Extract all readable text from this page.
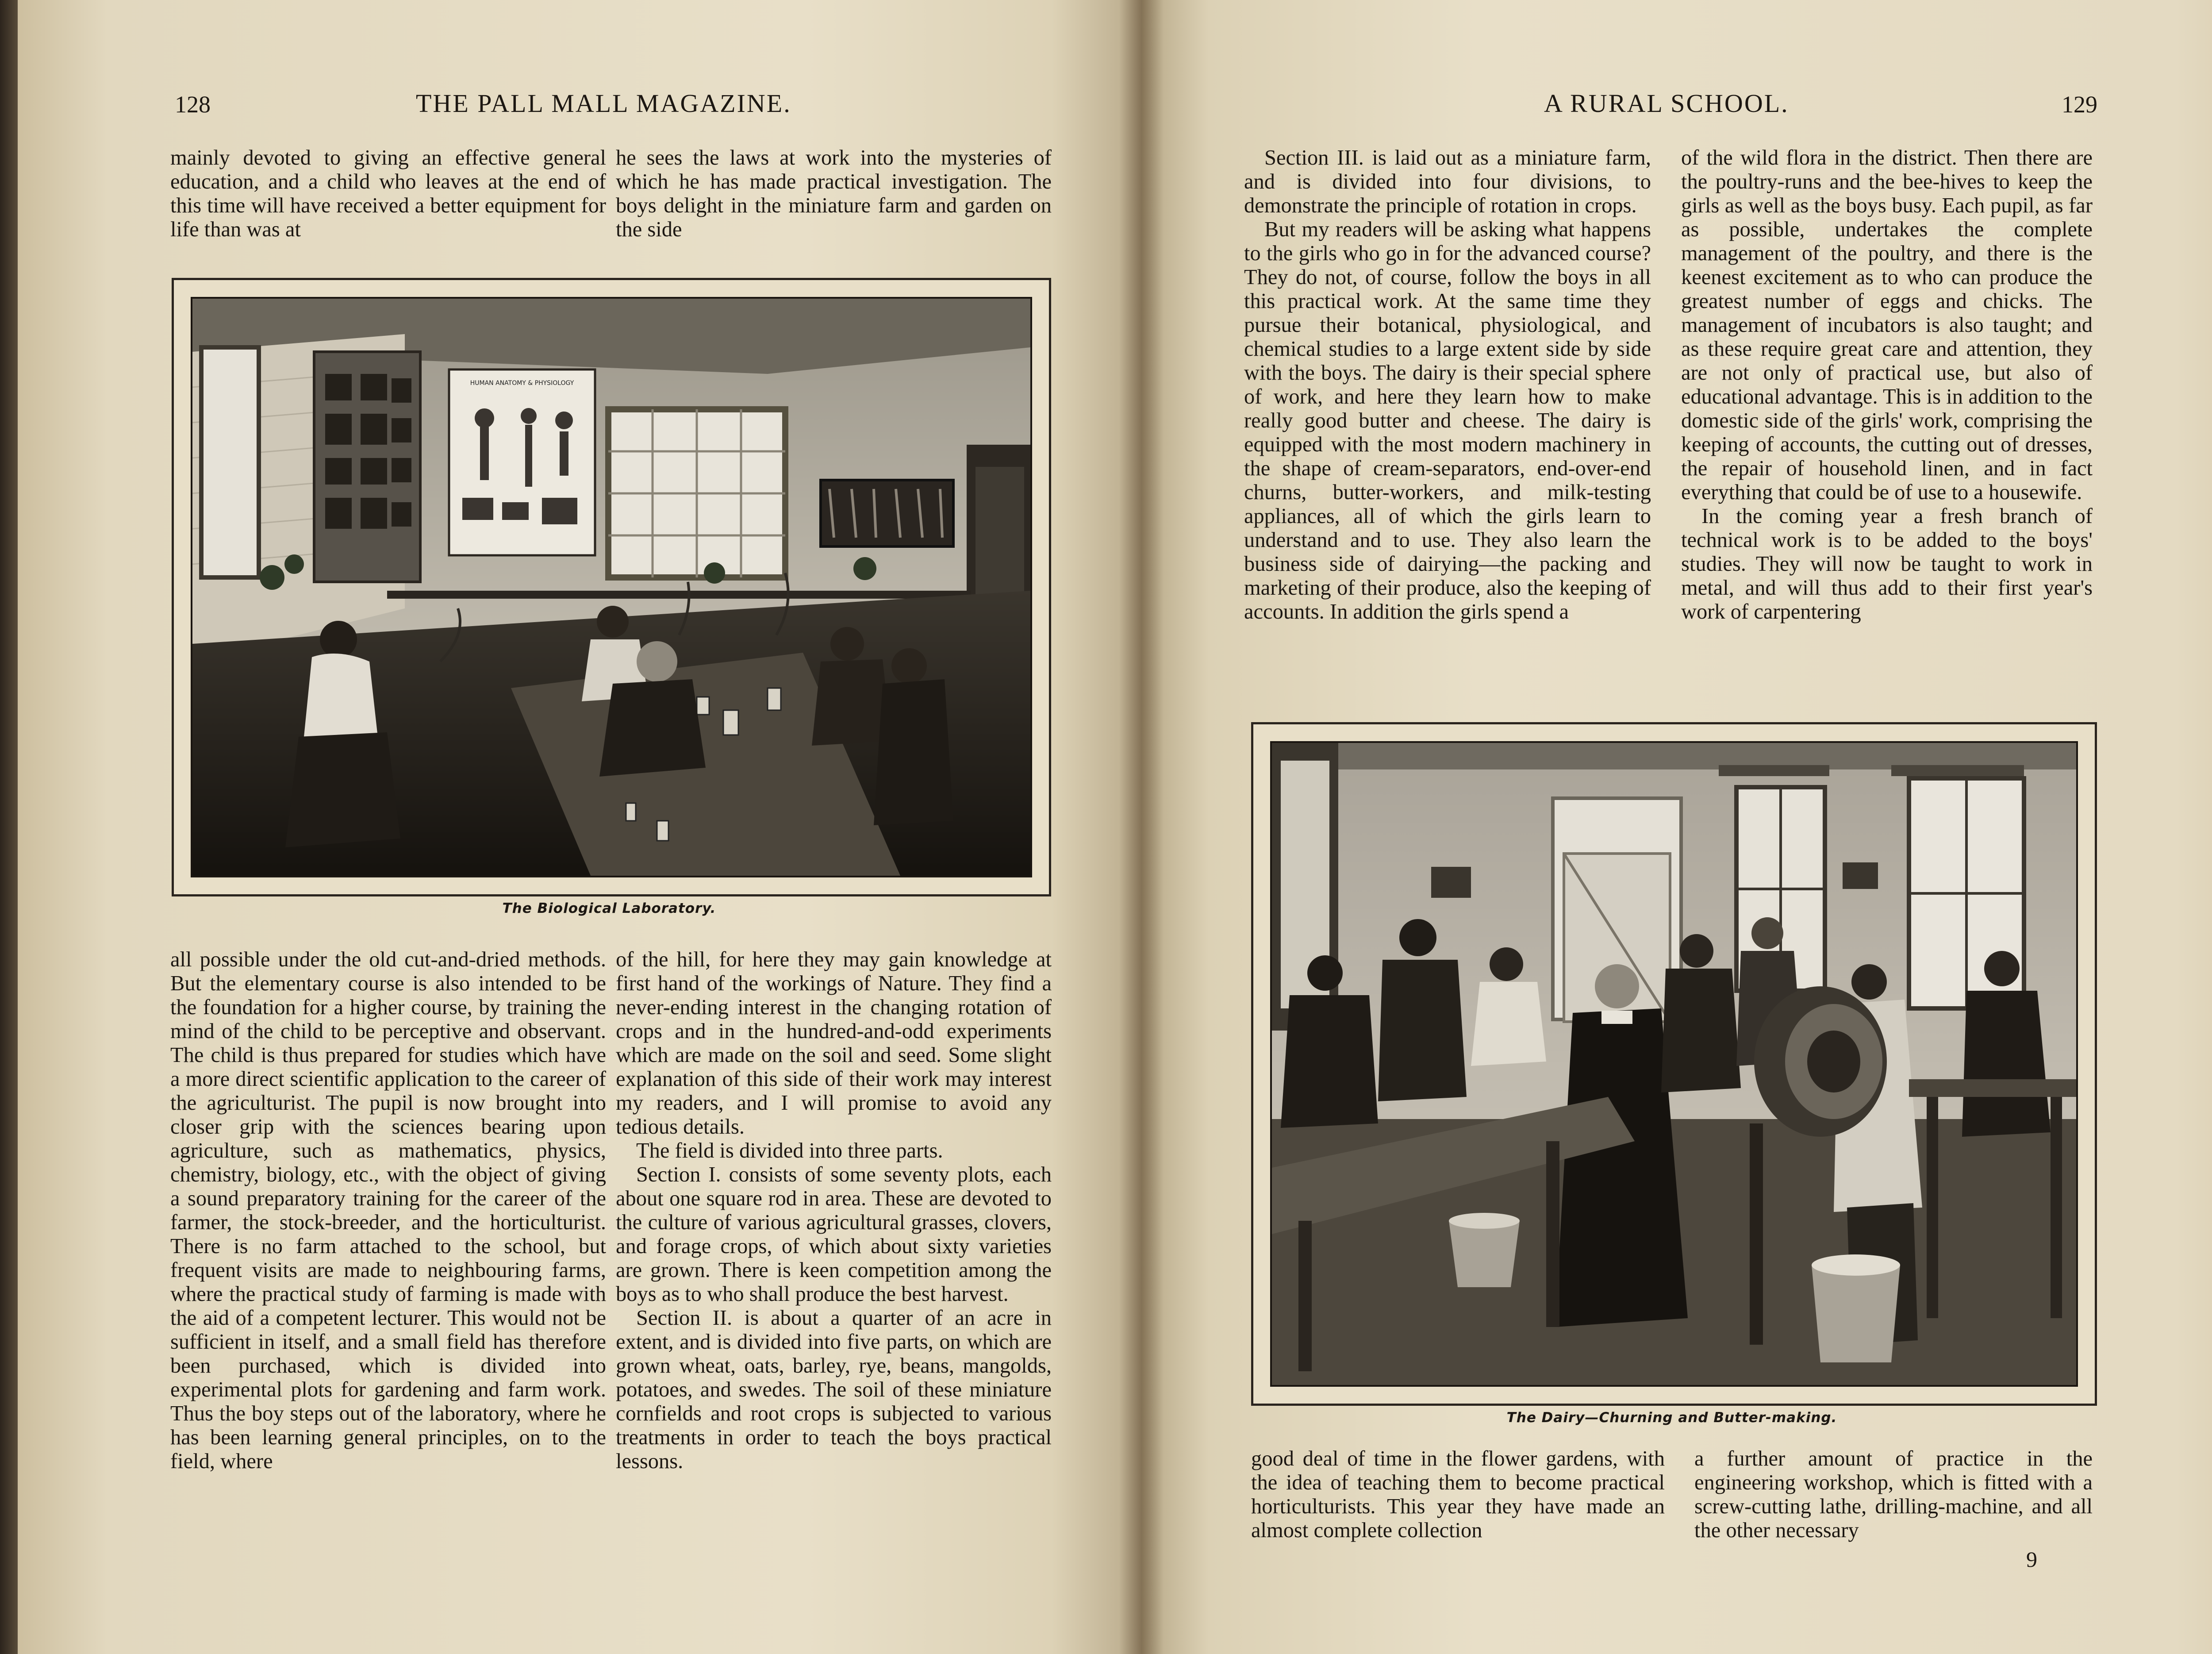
128	THE PALL MALL MAGAZINE.

mainly devoted to giving an effective general education, and a child who leaves at the end of this time will have received a better equipment for life than was at

he sees the laws at work into the mysteries of which he has made practical investigation. The boys delight in the miniature farm and garden on the side

HUMAN ANATOMY & PHYSIOLOGY
The Biological Laboratory.

all possible under the old cut-and-dried methods. But the elementary course is also intended to be the foundation for a higher course, by training the mind of the child to be perceptive and observant. The child is thus prepared for studies which have a more direct scientific application to the career of the agriculturist. The pupil is now brought into closer grip with the sciences bearing upon agriculture, such as mathematics, physics, chemistry, biology, etc., with the object of giving a sound preparatory training for the career of the farmer, the stock-breeder, and the horticulturist. There is no farm attached to the school, but frequent visits are made to neighbouring farms, where the practical study of farming is made with the aid of a competent lecturer. This would not be sufficient in itself, and a small field has therefore been purchased, which is divided into experimental plots for gardening and farm work. Thus the boy steps out of the laboratory, where he has been learning general principles, on to the field, where

of the hill, for here they may gain knowledge at first hand of the workings of Nature. They find a never-ending interest in the changing rotation of crops and in the hundred-and-odd experiments which are made on the soil and seed. Some slight explanation of this side of their work may interest my readers, and I will promise to avoid any tedious details.

The field is divided into three parts.

Section I. consists of some seventy plots, each about one square rod in area. These are devoted to the culture of various agricultural grasses, clovers, and forage crops, of which about sixty varieties are grown. There is keen competition among the boys as to who shall produce the best harvest.

Section II. is about a quarter of an acre in extent, and is divided into five parts, on which are grown wheat, oats, barley, rye, beans, mangolds, potatoes, and swedes. The soil of these miniature cornfields and root crops is subjected to various treatments in order to teach the boys practical lessons.

A RURAL SCHOOL.	129

Section III. is laid out as a miniature farm, and is divided into four divisions, to demonstrate the principle of rotation in crops.

But my readers will be asking what happens to the girls who go in for the advanced course? They do not, of course, follow the boys in all this practical work. At the same time they pursue their botanical, physiological, and chemical studies to a large extent side by side with the boys. The dairy is their special sphere of work, and here they learn how to make really good butter and cheese. The dairy is equipped with the most modern machinery in the shape of cream-separators, end-over-end churns, butter-workers, and milk-testing appliances, all of which the girls learn to understand and to use. They also learn the business side of dairying—the packing and marketing of their produce, also the keeping of accounts. In addition the girls spend a

of the wild flora in the district. Then there are the poultry-runs and the bee-hives to keep the girls as well as the boys busy. Each pupil, as far as possible, undertakes the complete management of the poultry, and there is the keenest excitement as to who can produce the greatest number of eggs and chicks. The management of incubators is also taught; and as these require great care and attention, they are not only of practical use, but also of educational advantage. This is in addition to the domestic side of the girls' work, comprising the keeping of accounts, the cutting out of dresses, the repair of household linen, and in fact everything that could be of use to a housewife.

In the coming year a fresh branch of technical work is to be added to the boys' studies. They will now be taught to work in metal, and will thus add to their first year's work of carpentering

The Dairy—Churning and Butter-making.

good deal of time in the flower gardens, with the idea of teaching them to become practical horticulturists. This year they have made an almost complete collection

a further amount of practice in the engineering workshop, which is fitted with a screw-cutting lathe, drilling-machine, and all the other necessary

9
